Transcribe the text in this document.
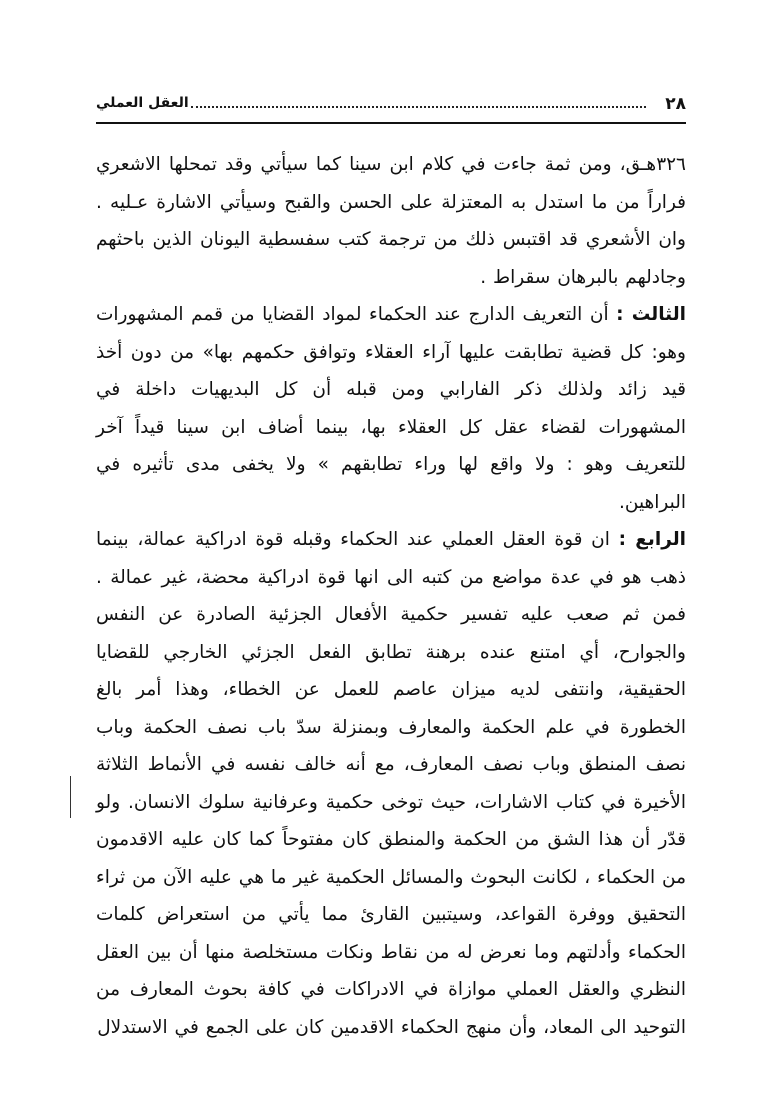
٢٨
العقل العملي

٣٢٦هـق، ومن ثمة جاءت في كلام ابن سينا كما سيأتي وقد تمحلها الاشعري فراراً من ما استدل به المعتزلة على الحسن والقبح وسيأتي الاشارة عـليه . وان الأشعري قد اقتبس ذلك من ترجمة كتب سفسطية اليونان الذين باحثهم وجادلهم بالبرهان سقراط .

الثالث : أن التعريف الدارج عند الحكماء لمواد القضايا من قمم المشهورات وهو: كل قضية تطابقت عليها آراء العقلاء وتوافق حكمهم بها» من دون أخذ قيد زائد ولذلك ذكر الفارابي ومن قبله أن كل البديهيات داخلة في المشهورات لقضاء عقل كل العقلاء بها، بينما أضاف ابن سينا قيداً آخر للتعريف وهو : ولا واقع لها وراء تطابقهم » ولا يخفى مدى تأثيره في البراهين.

الرابع : ان قوة العقل العملي عند الحكماء وقبله قوة ادراكية عمالة، بينما ذهب هو في عدة مواضع من كتبه الى انها قوة ادراكية محضة، غير عمالة . فمن ثم صعب عليه تفسير حكمية الأفعال الجزئية الصادرة عن النفس والجوارح، أي امتنع عنده برهنة تطابق الفعل الجزئي الخارجي للقضايا الحقيقية، وانتفى لديه ميزان عاصم للعمل عن الخطاء، وهذا أمر بالغ الخطورة في علم الحكمة والمعارف وبمنزلة سدّ باب نصف الحكمة وباب نصف المنطق وباب نصف المعارف، مع أنه خالف نفسه في الأنماط الثلاثة الأخيرة في كتاب الاشارات، حيث توخى حكمية وعرفانية سلوك الانسان. ولو قدّر أن هذا الشق من الحكمة والمنطق كان مفتوحاً كما كان عليه الاقدمون من الحكماء ، لكانت البحوث والمسائل الحكمية غير ما هي عليه الآن من ثراء التحقيق ووفرة القواعد، وسيتبين القارئ مما يأتي من استعراض كلمات الحكماء وأدلتهم وما نعرض له من نقاط ونكات مستخلصة منها أن بين العقل النظري والعقل العملي موازاة في الادراكات في كافة بحوث المعارف من التوحيد الى المعاد، وأن منهج الحكماء الاقدمين كان على الجمع في الاستدلال
